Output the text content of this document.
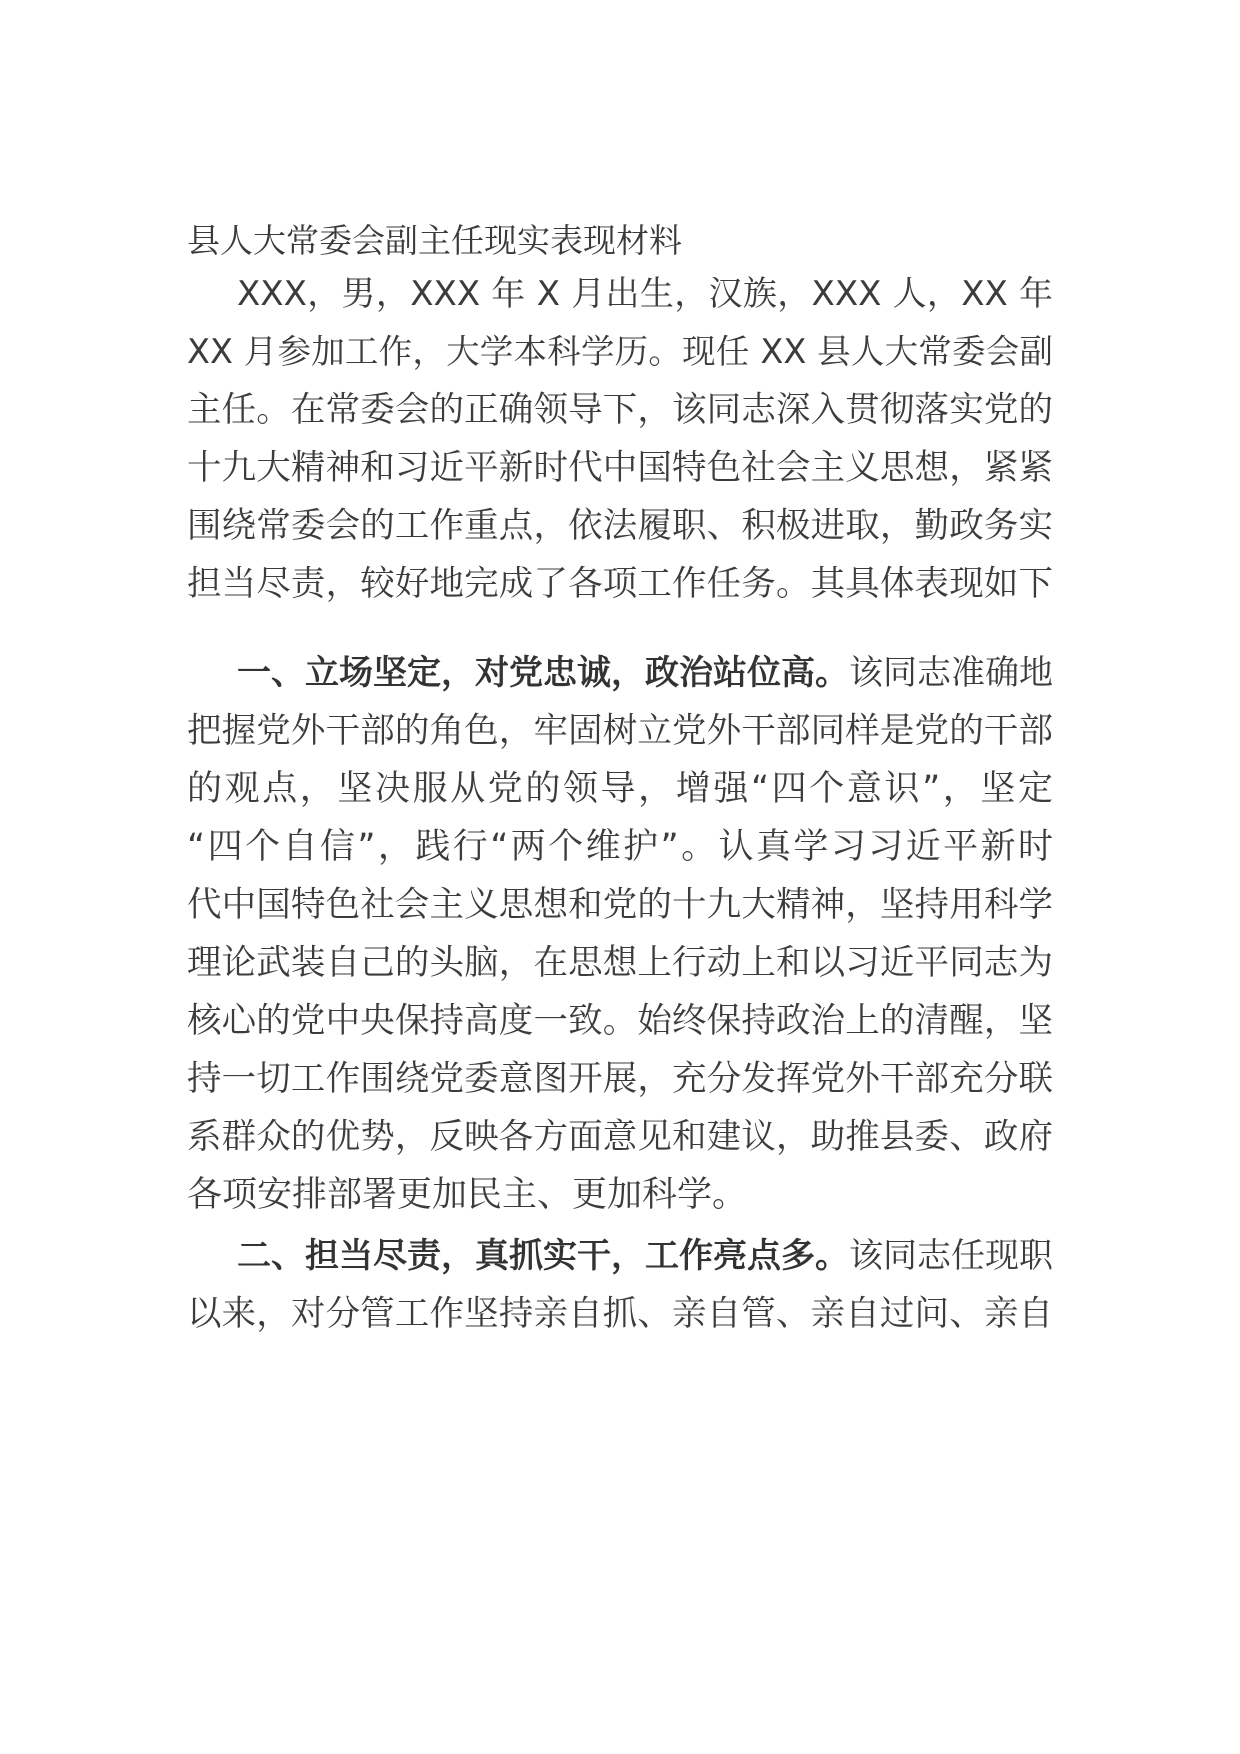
县人大常委会副主任现实表现材料
XXX，男，XXX 年 X 月出生，汉族，XXX 人，XX 年
XX 月参加工作，大学本科学历。现任 XX 县人大常委会副
主任。在常委会的正确领导下，该同志深入贯彻落实党的
十九大精神和习近平新时代中国特色社会主义思想，紧紧
围绕常委会的工作重点，依法履职、积极进取，勤政务实
担当尽责，较好地完成了各项工作任务。其具体表现如下
一、立场坚定，对党忠诚，政治站位高。该同志准确地
把握党外干部的角色，牢固树立党外干部同样是党的干部
的观点，坚决服从党的领导，增强“四个意识”，坚定
“四个自信”，践行“两个维护”。认真学习习近平新时
代中国特色社会主义思想和党的十九大精神，坚持用科学
理论武装自己的头脑，在思想上行动上和以习近平同志为
核心的党中央保持高度一致。始终保持政治上的清醒，坚
持一切工作围绕党委意图开展，充分发挥党外干部充分联
系群众的优势，反映各方面意见和建议，助推县委、政府
各项安排部署更加民主、更加科学。
二、担当尽责，真抓实干，工作亮点多。该同志任现职
以来，对分管工作坚持亲自抓、亲自管、亲自过问、亲自
